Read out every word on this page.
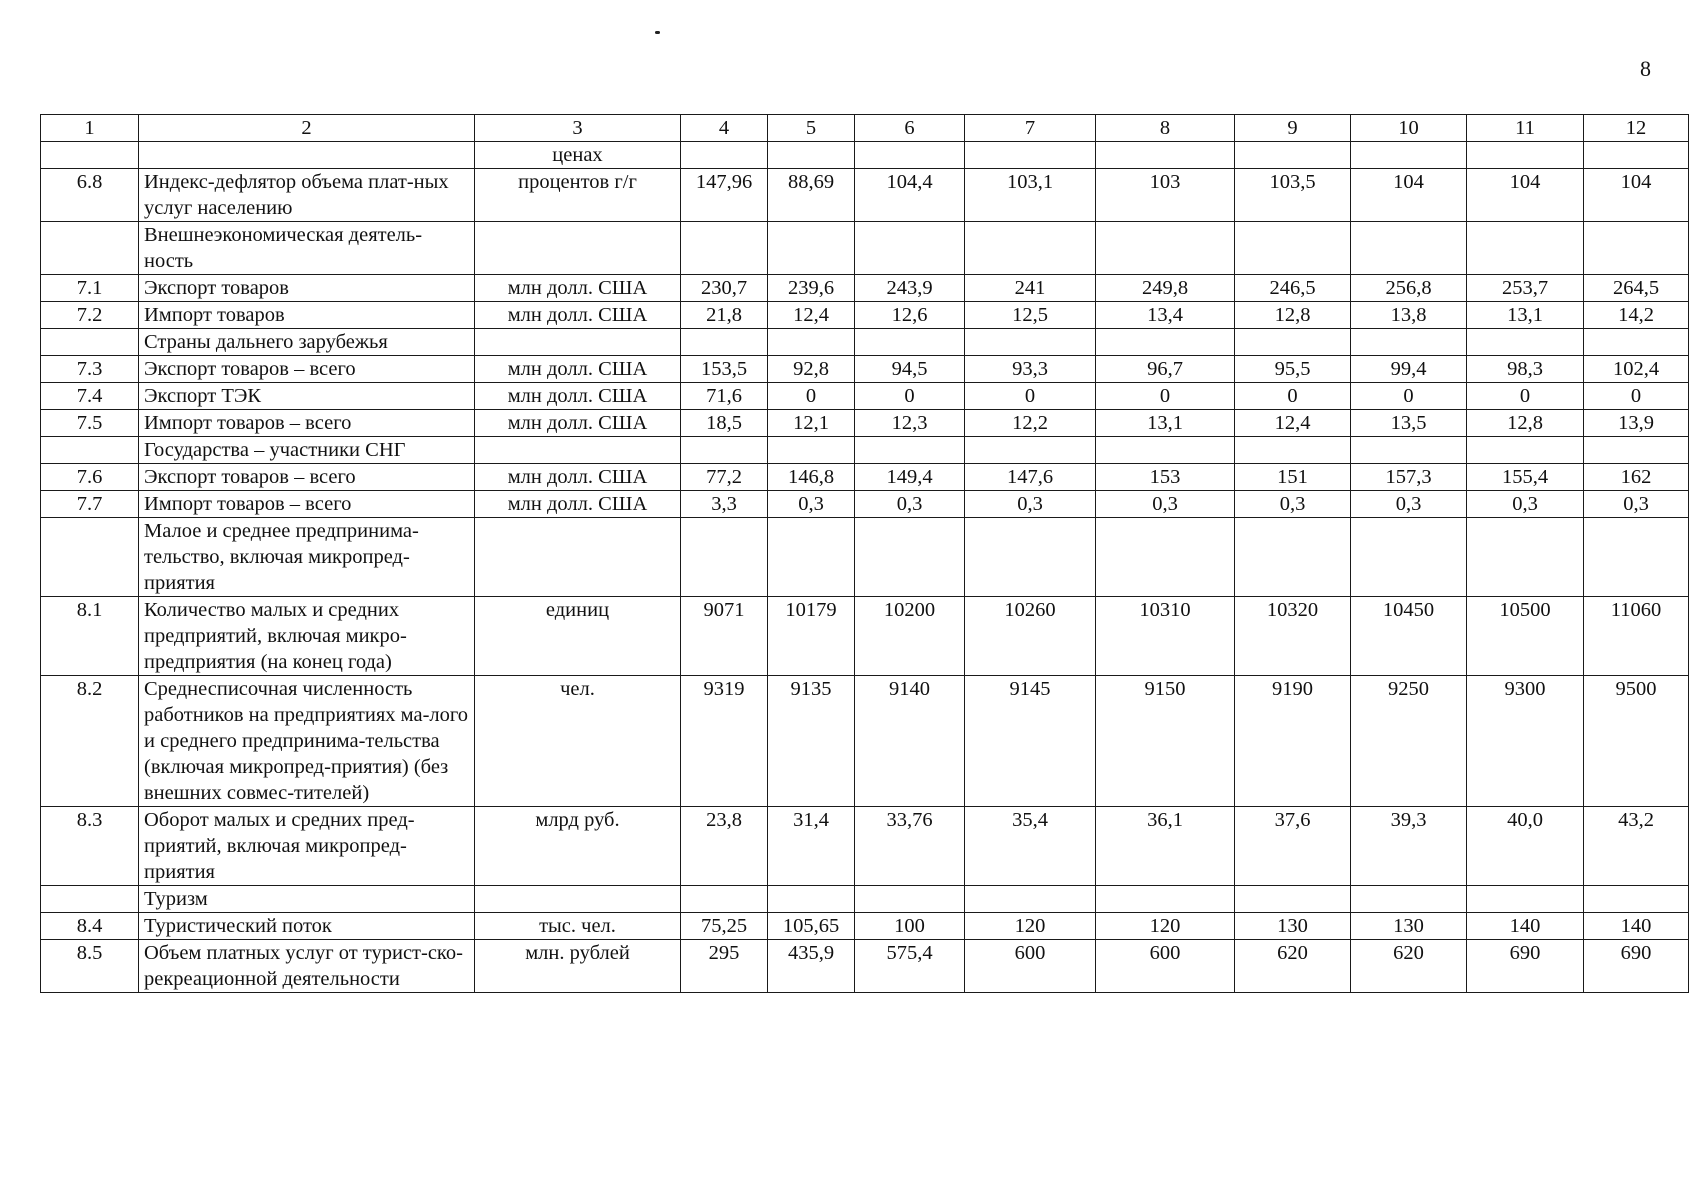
8
1	2	3	4	5	6	7	8	9	10	11	12
		ценах									
6.8	Индекс-дефлятор объема плат-ных услуг населению	процентов г/г	147,96	88,69	104,4	103,1	103	103,5	104	104	104
	Внешнеэкономическая деятель-ность										
7.1	Экспорт товаров	млн долл. США	230,7	239,6	243,9	241	249,8	246,5	256,8	253,7	264,5
7.2	Импорт товаров	млн долл. США	21,8	12,4	12,6	12,5	13,4	12,8	13,8	13,1	14,2
	Страны дальнего зарубежья										
7.3	Экспорт товаров – всего	млн долл. США	153,5	92,8	94,5	93,3	96,7	95,5	99,4	98,3	102,4
7.4	Экспорт ТЭК	млн долл. США	71,6	0	0	0	0	0	0	0	0
7.5	Импорт товаров – всего	млн долл. США	18,5	12,1	12,3	12,2	13,1	12,4	13,5	12,8	13,9
	Государства – участники СНГ										
7.6	Экспорт товаров – всего	млн долл. США	77,2	146,8	149,4	147,6	153	151	157,3	155,4	162
7.7	Импорт товаров – всего	млн долл. США	3,3	0,3	0,3	0,3	0,3	0,3	0,3	0,3	0,3
	Малое и среднее предпринима-тельство, включая микропред-приятия										
8.1	Количество малых и средних предприятий, включая микро-предприятия (на конец года)	единиц	9071	10179	10200	10260	10310	10320	10450	10500	11060
8.2	Среднесписочная численность работников на предприятиях ма-лого и среднего предпринима-тельства (включая микропред-приятия) (без внешних совмес-тителей)	чел.	9319	9135	9140	9145	9150	9190	9250	9300	9500
8.3	Оборот малых и средних пред-приятий, включая микропред-приятия	млрд руб.	23,8	31,4	33,76	35,4	36,1	37,6	39,3	40,0	43,2
	Туризм										
8.4	Туристический поток	тыс. чел.	75,25	105,65	100	120	120	130	130	140	140
8.5	Объем платных услуг от турист-ско-рекреационной деятельности	млн. рублей	295	435,9	575,4	600	600	620	620	690	690
